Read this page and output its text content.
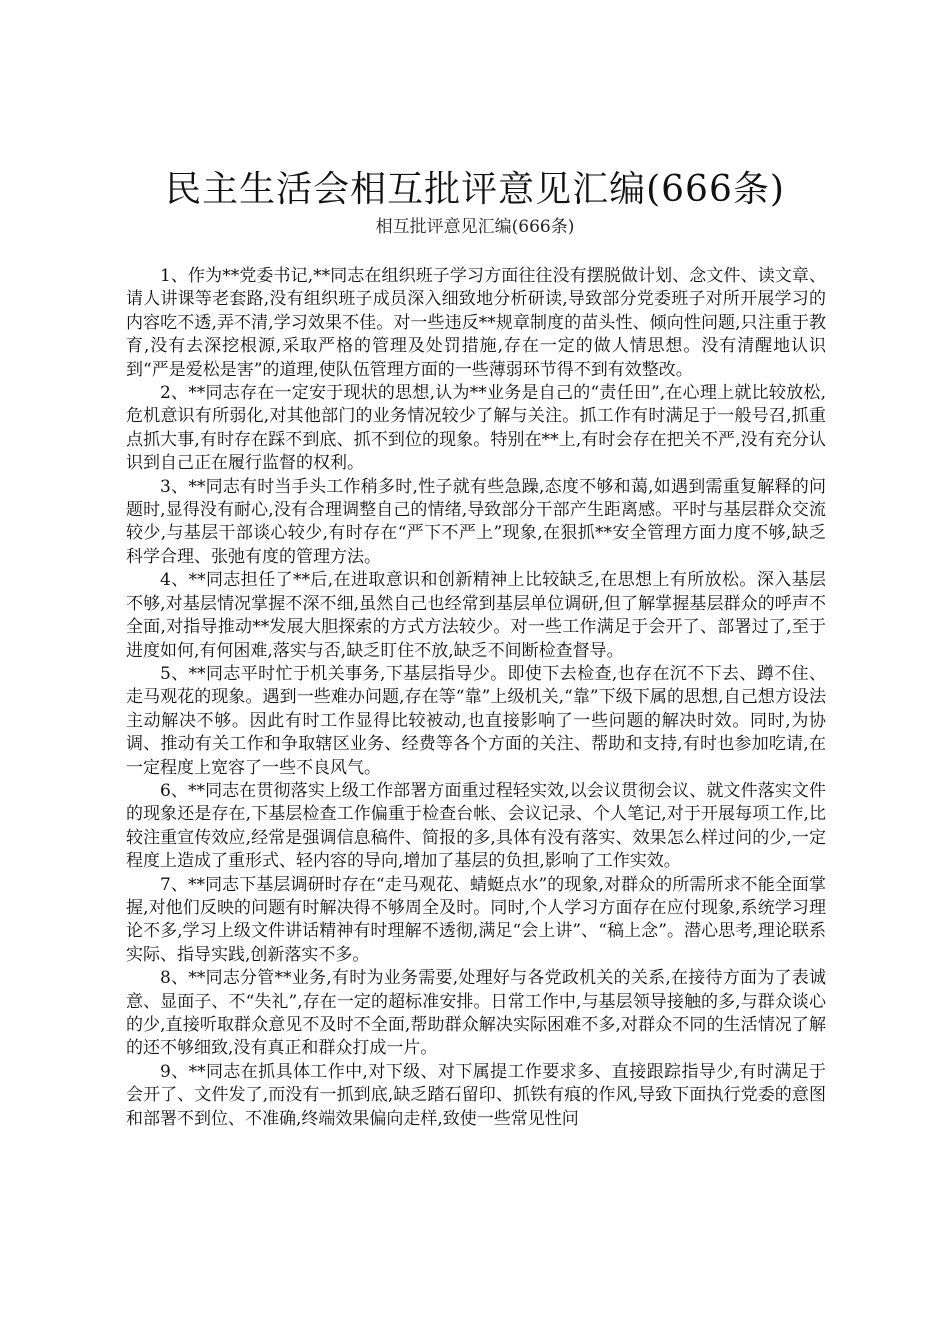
民主生活会相互批评意见汇编(666条)
相互批评意见汇编(666条)

1、作为**党委书记,**同志在组织班子学习方面往往没有摆脱做计划、念文件、读文章、请人讲课等老套路,没有组织班子成员深入细致地分析研读,导致部分党委班子对所开展学习的内容吃不透,弄不清,学习效果不佳。对一些违反**规章制度的苗头性、倾向性问题,只注重于教育,没有去深挖根源,采取严格的管理及处罚措施,存在一定的做人情思想。没有清醒地认识到“严是爱松是害”的道理,使队伍管理方面的一些薄弱环节得不到有效整改。

2、**同志存在一定安于现状的思想,认为**业务是自己的“责任田”,在心理上就比较放松,危机意识有所弱化,对其他部门的业务情况较少了解与关注。抓工作有时满足于一般号召,抓重点抓大事,有时存在踩不到底、抓不到位的现象。特别在**上,有时会存在把关不严,没有充分认识到自己正在履行监督的权利。

3、**同志有时当手头工作稍多时,性子就有些急躁,态度不够和蔼,如遇到需重复解释的问题时,显得没有耐心,没有合理调整自己的情绪,导致部分干部产生距离感。平时与基层群众交流较少,与基层干部谈心较少,有时存在“严下不严上”现象,在狠抓**安全管理方面力度不够,缺乏科学合理、张弛有度的管理方法。

4、**同志担任了**后,在进取意识和创新精神上比较缺乏,在思想上有所放松。深入基层不够,对基层情况掌握不深不细,虽然自己也经常到基层单位调研,但了解掌握基层群众的呼声不全面,对指导推动**发展大胆探索的方式方法较少。对一些工作满足于会开了、部署过了,至于进度如何,有何困难,落实与否,缺乏盯住不放,缺乏不间断检查督导。

5、**同志平时忙于机关事务,下基层指导少。即使下去检查,也存在沉不下去、蹲不住、走马观花的现象。遇到一些难办问题,存在等“靠”上级机关,“靠”下级下属的思想,自己想方设法主动解决不够。因此有时工作显得比较被动,也直接影响了一些问题的解决时效。同时,为协调、推动有关工作和争取辖区业务、经费等各个方面的关注、帮助和支持,有时也参加吃请,在一定程度上宽容了一些不良风气。

6、**同志在贯彻落实上级工作部署方面重过程轻实效,以会议贯彻会议、就文件落实文件的现象还是存在,下基层检查工作偏重于检查台帐、会议记录、个人笔记,对于开展每项工作,比较注重宣传效应,经常是强调信息稿件、简报的多,具体有没有落实、效果怎么样过问的少,一定程度上造成了重形式、轻内容的导向,增加了基层的负担,影响了工作实效。

7、**同志下基层调研时存在“走马观花、蜻蜓点水”的现象,对群众的所需所求不能全面掌握,对他们反映的问题有时解决得不够周全及时。同时,个人学习方面存在应付现象,系统学习理论不多,学习上级文件讲话精神有时理解不透彻,满足“会上讲”、“稿上念”。潜心思考,理论联系实际、指导实践,创新落实不多。

8、**同志分管**业务,有时为业务需要,处理好与各党政机关的关系,在接待方面为了表诚意、显面子、不“失礼”,存在一定的超标准安排。日常工作中,与基层领导接触的多,与群众谈心的少,直接听取群众意见不及时不全面,帮助群众解决实际困难不多,对群众不同的生活情况了解的还不够细致,没有真正和群众打成一片。

9、**同志在抓具体工作中,对下级、对下属提工作要求多、直接跟踪指导少,有时满足于会开了、文件发了,而没有一抓到底,缺乏踏石留印、抓铁有痕的作风,导致下面执行党委的意图和部署不到位、不准确,终端效果偏向走样,致使一些常见性问
